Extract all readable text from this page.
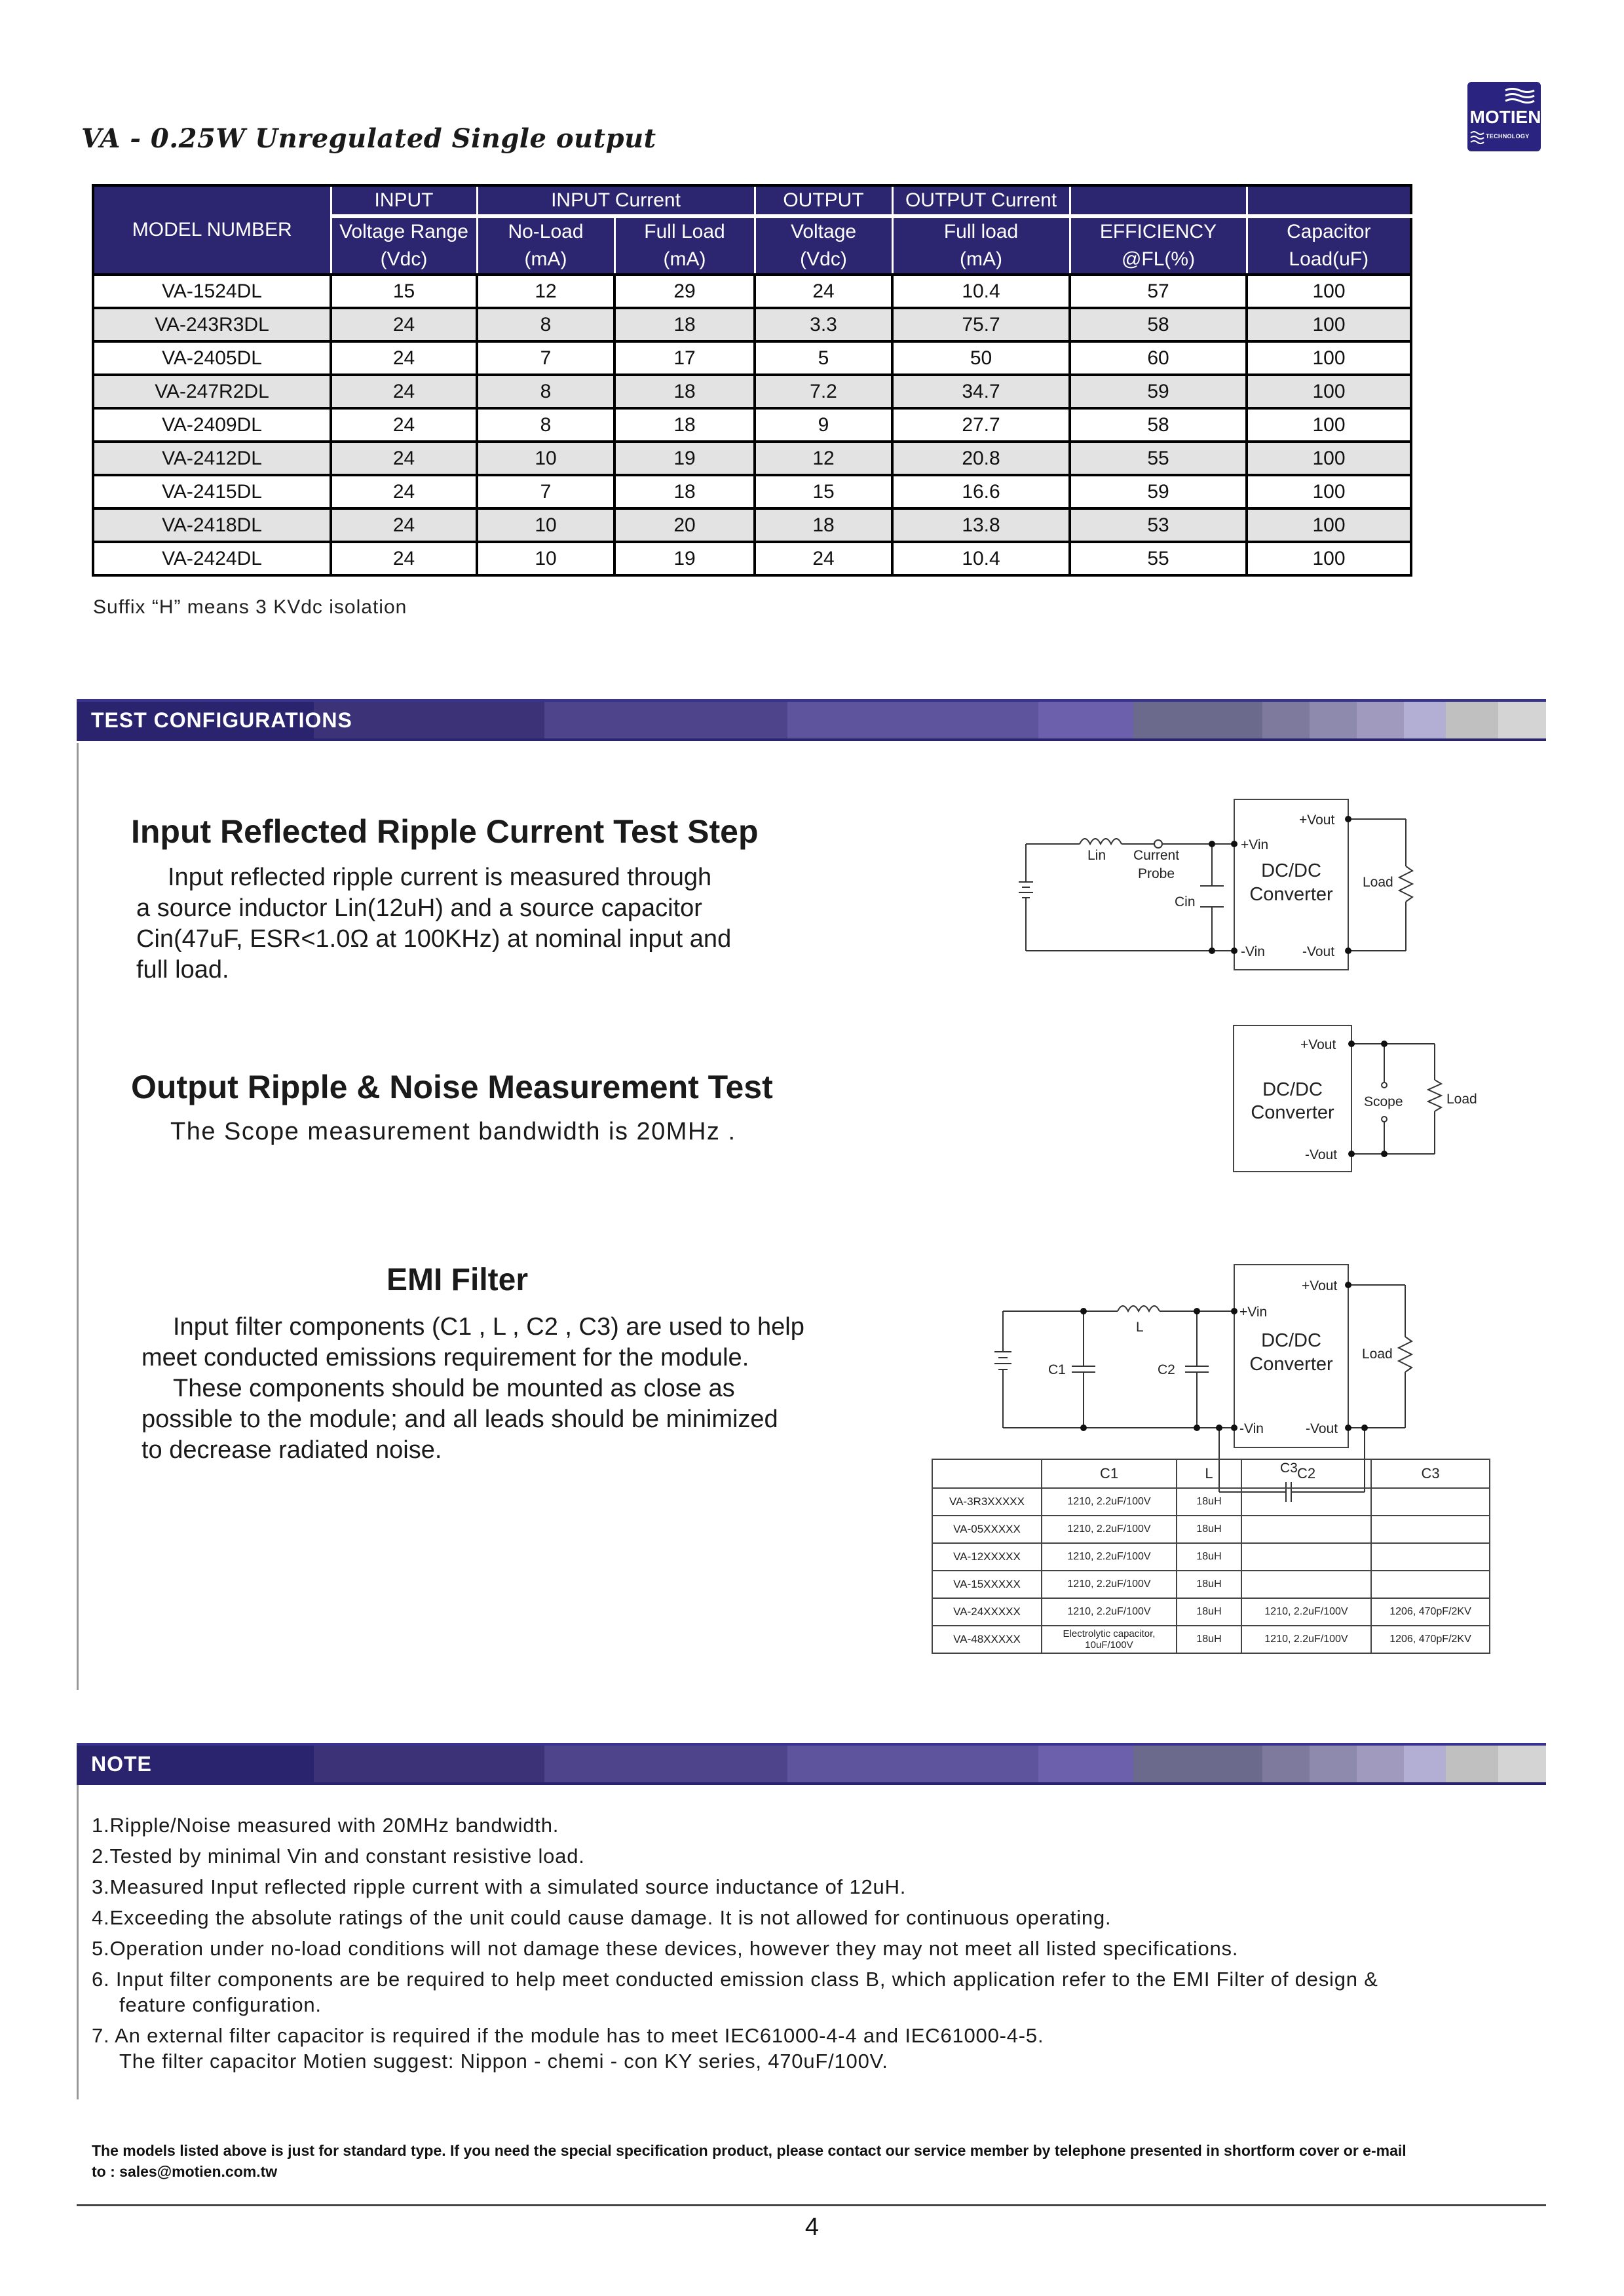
VA - 0.25W Unregulated Single output
MOTIEN
TECHNOLOGY
MODEL NUMBER	INPUT	INPUT Current		OUTPUT	OUTPUT Current		
	Voltage Range	No-Load	Full Load	Voltage	Full load	EFFICIENCY	Capacitor
	(Vdc)	(mA)	(mA)	(Vdc)	(mA)	@FL(%)	Load(uF)
VA-1524DL	15	12	29	24	10.4	57	100
VA-243R3DL	24	8	18	3.3	75.7	58	100
VA-2405DL	24	7	17	5	50	60	100
VA-247R2DL	24	8	18	7.2	34.7	59	100
VA-2409DL	24	8	18	9	27.7	58	100
VA-2412DL	24	10	19	12	20.8	55	100
VA-2415DL	24	7	18	15	16.6	59	100
VA-2418DL	24	10	20	18	13.8	53	100
VA-2424DL	24	10	19	24	10.4	55	100
Suffix “H” means 3 KVdc isolation
TEST CONFIGURATIONS
Input Reflected Ripple Current Test Step
Input reflected ripple current is measured through
a source inductor Lin(12uH) and a source capacitor
Cin(47uF, ESR<1.0Ω at 100KHz) at nominal input and
full load.
Lin Current
Probe
Cin
+Vin
-Vin
+Vout
-Vout
Load
DC/DC
Converter
Output Ripple & Noise Measurement Test
The Scope measurement bandwidth is 20MHz .
+Vout
-Vout
Scope	Load
DC/DC
Converter
EMI Filter
Input filter components (C1 , L , C2 , C3) are used to help
meet conducted emissions requirement for the module.
These components should be mounted as close as
possible to the module; and all leads should be minimized
to decrease radiated noise.
C1	C2
L
+Vin
-Vin
+Vout
-Vout
Load
C3
DC/DC
Converter
	C1	L	C2	C3
VA-3R3XXXXX	1210, 2.2uF/100V	18uH		
VA-05XXXXX	1210, 2.2uF/100V	18uH		
VA-12XXXXX	1210, 2.2uF/100V	18uH		
VA-15XXXXX	1210, 2.2uF/100V	18uH		
VA-24XXXXX	1210, 2.2uF/100V	18uH	1210, 2.2uF/100V	1206, 470pF/2KV
VA-48XXXXX	Electrolytic capacitor, 10uF/100V	18uH	1210, 2.2uF/100V	1206, 470pF/2KV
NOTE
1.Ripple/Noise measured with 20MHz bandwidth.
2.Tested by minimal Vin and constant resistive load.
3.Measured Input reflected ripple current with a simulated source inductance of 12uH.
4.Exceeding the absolute ratings of the unit could cause damage. It is not allowed for continuous operating.
5.Operation under no-load conditions will not damage these devices, however they may not meet all listed specifications.
6. Input filter components are be required to help meet conducted emission class B, which application refer to the EMI Filter of design &
feature configuration.
7. An external filter capacitor is required if the module has to meet IEC61000-4-4 and IEC61000-4-5.
The filter capacitor Motien suggest: Nippon - chemi - con KY series, 470uF/100V.
The models listed above is just for standard type. If you need the special specification product, please contact our service member by telephone presented in shortform cover or e-mail
to : sales@motien.com.tw
4
